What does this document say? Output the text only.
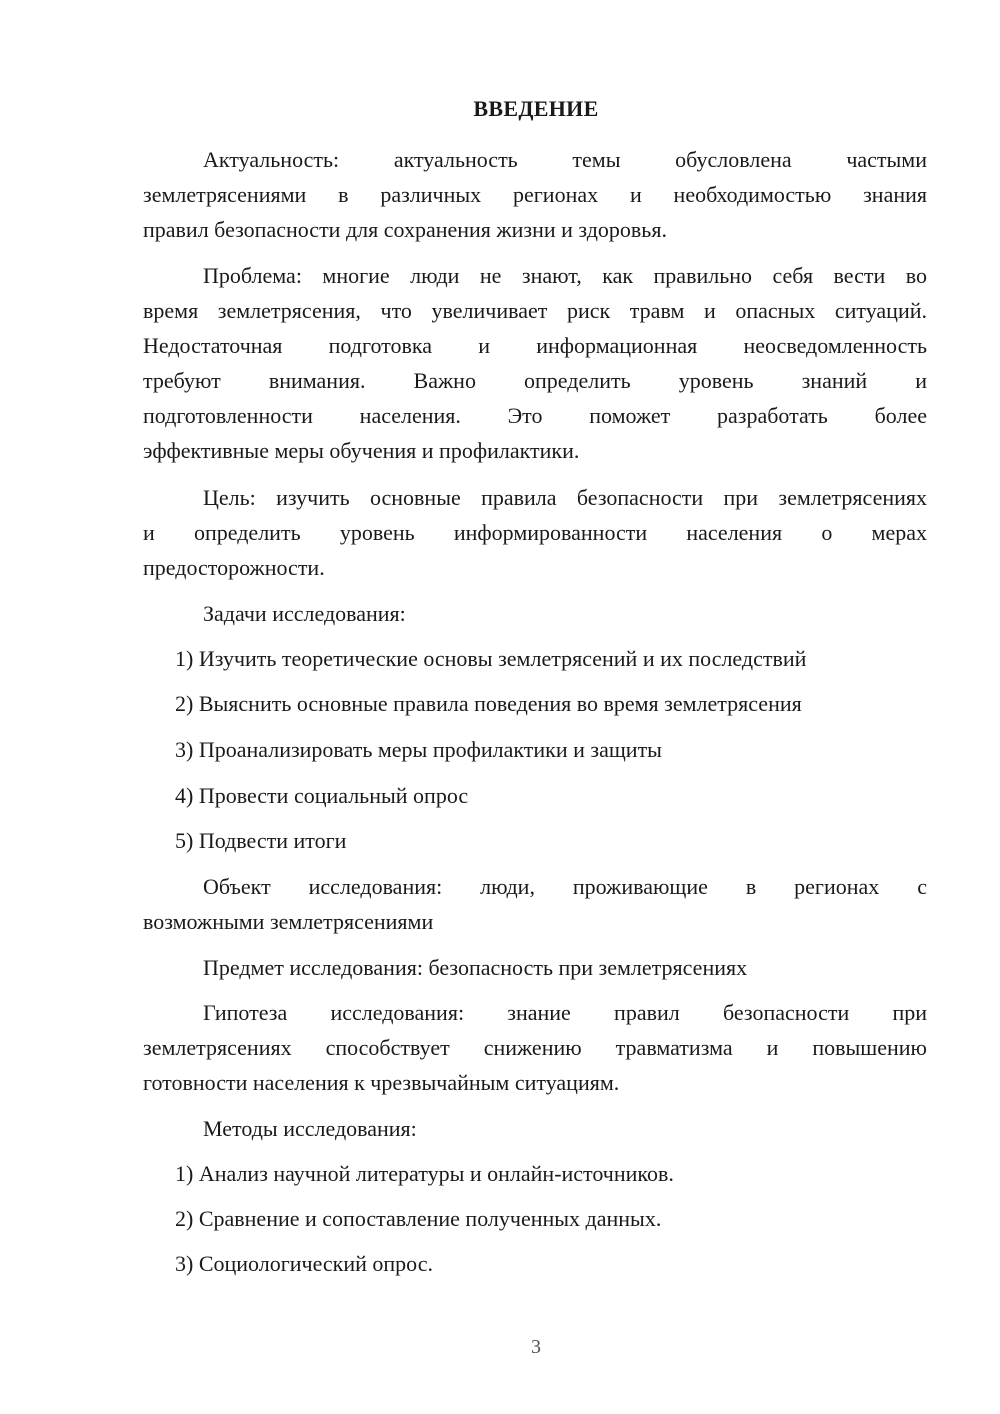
ВВЕДЕНИЕ
Актуальность: актуальность темы обусловлена частыми
землетрясениями в различных регионах и необходимостью знания
правил безопасности для сохранения жизни и здоровья.
Проблема: многие люди не знают, как правильно себя вести во
время землетрясения, что увеличивает риск травм и опасных ситуаций.
Недостаточная подготовка и информационная неосведомленность
требуют внимания. Важно определить уровень знаний и
подготовленности населения. Это поможет разработать более
эффективные меры обучения и профилактики.
Цель: изучить основные правила безопасности при землетрясениях
и определить уровень информированности населения о мерах
предосторожности.
Задачи исследования:
1) Изучить теоретические основы землетрясений и их последствий
2) Выяснить основные правила поведения во время землетрясения
3) Проанализировать меры профилактики и защиты
4) Провести социальный опрос
5) Подвести итоги
Объект исследования: люди, проживающие в регионах с
возможными землетрясениями
Предмет исследования: безопасность при землетрясениях
Гипотеза исследования: знание правил безопасности при
землетрясениях способствует снижению травматизма и повышению
готовности населения к чрезвычайным ситуациям.
Методы исследования:
1) Анализ научной литературы и онлайн-источников.
2) Сравнение и сопоставление полученных данных.
3) Социологический опрос.
3
